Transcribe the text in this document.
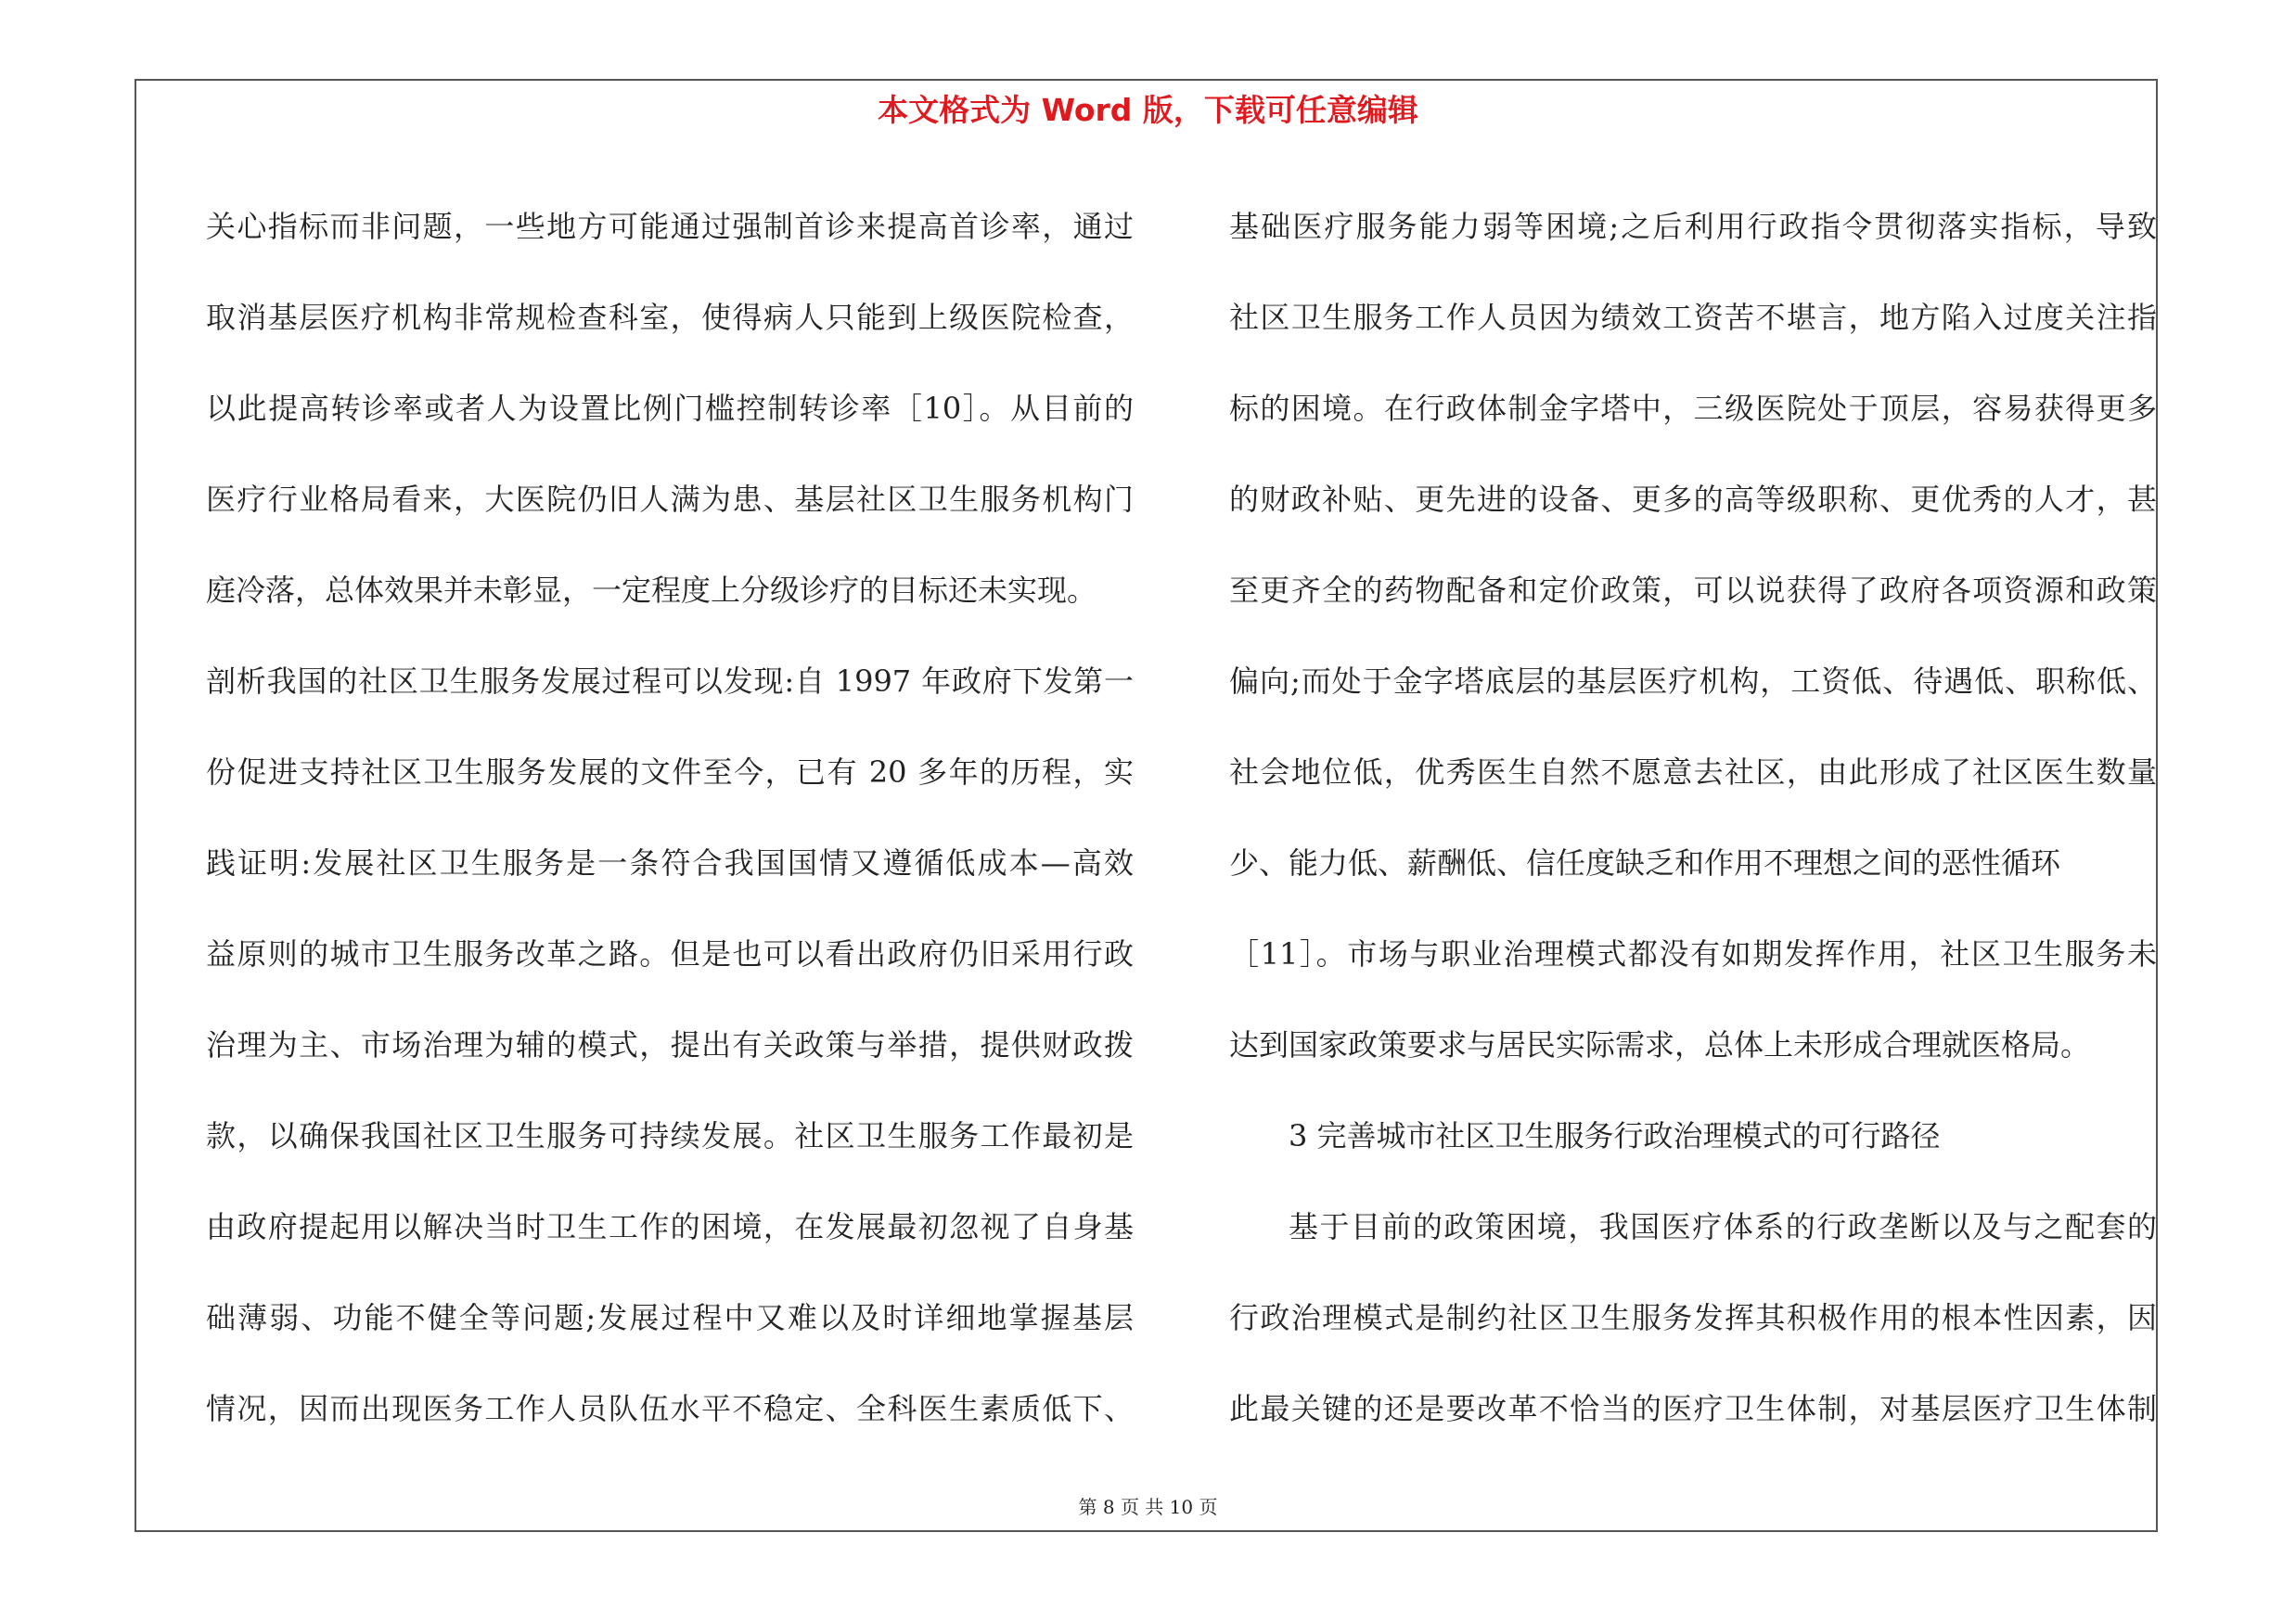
本文格式为 Word 版，下载可任意编辑
关心指标而非问题，一些地方可能通过强制首诊来提高首诊率，通过
取消基层医疗机构非常规检查科室，使得病人只能到上级医院检查，
以此提高转诊率或者人为设置比例门槛控制转诊率［10］。从目前的
医疗行业格局看来，大医院仍旧人满为患、基层社区卫生服务机构门
庭冷落，总体效果并未彰显，一定程度上分级诊疗的目标还未实现。
剖析我国的社区卫生服务发展过程可以发现:自 1997 年政府下发第一
份促进支持社区卫生服务发展的文件至今，已有 20 多年的历程，实
践证明:发展社区卫生服务是一条符合我国国情又遵循低成本—高效
益原则的城市卫生服务改革之路。但是也可以看出政府仍旧采用行政
治理为主、市场治理为辅的模式，提出有关政策与举措，提供财政拨
款，以确保我国社区卫生服务可持续发展。社区卫生服务工作最初是
由政府提起用以解决当时卫生工作的困境，在发展最初忽视了自身基
础薄弱、功能不健全等问题;发展过程中又难以及时详细地掌握基层
情况，因而出现医务工作人员队伍水平不稳定、全科医生素质低下、
基础医疗服务能力弱等困境;之后利用行政指令贯彻落实指标，导致
社区卫生服务工作人员因为绩效工资苦不堪言，地方陷入过度关注指
标的困境。在行政体制金字塔中，三级医院处于顶层，容易获得更多
的财政补贴、更先进的设备、更多的高等级职称、更优秀的人才，甚
至更齐全的药物配备和定价政策，可以说获得了政府各项资源和政策
偏向;而处于金字塔底层的基层医疗机构，工资低、待遇低、职称低、
社会地位低，优秀医生自然不愿意去社区，由此形成了社区医生数量
少、能力低、薪酬低、信任度缺乏和作用不理想之间的恶性循环
［11］。市场与职业治理模式都没有如期发挥作用，社区卫生服务未
达到国家政策要求与居民实际需求，总体上未形成合理就医格局。
3 完善城市社区卫生服务行政治理模式的可行路径
基于目前的政策困境，我国医疗体系的行政垄断以及与之配套的
行政治理模式是制约社区卫生服务发挥其积极作用的根本性因素，因
此最关键的还是要改革不恰当的医疗卫生体制，对基层医疗卫生体制
第 8 页 共 10 页
